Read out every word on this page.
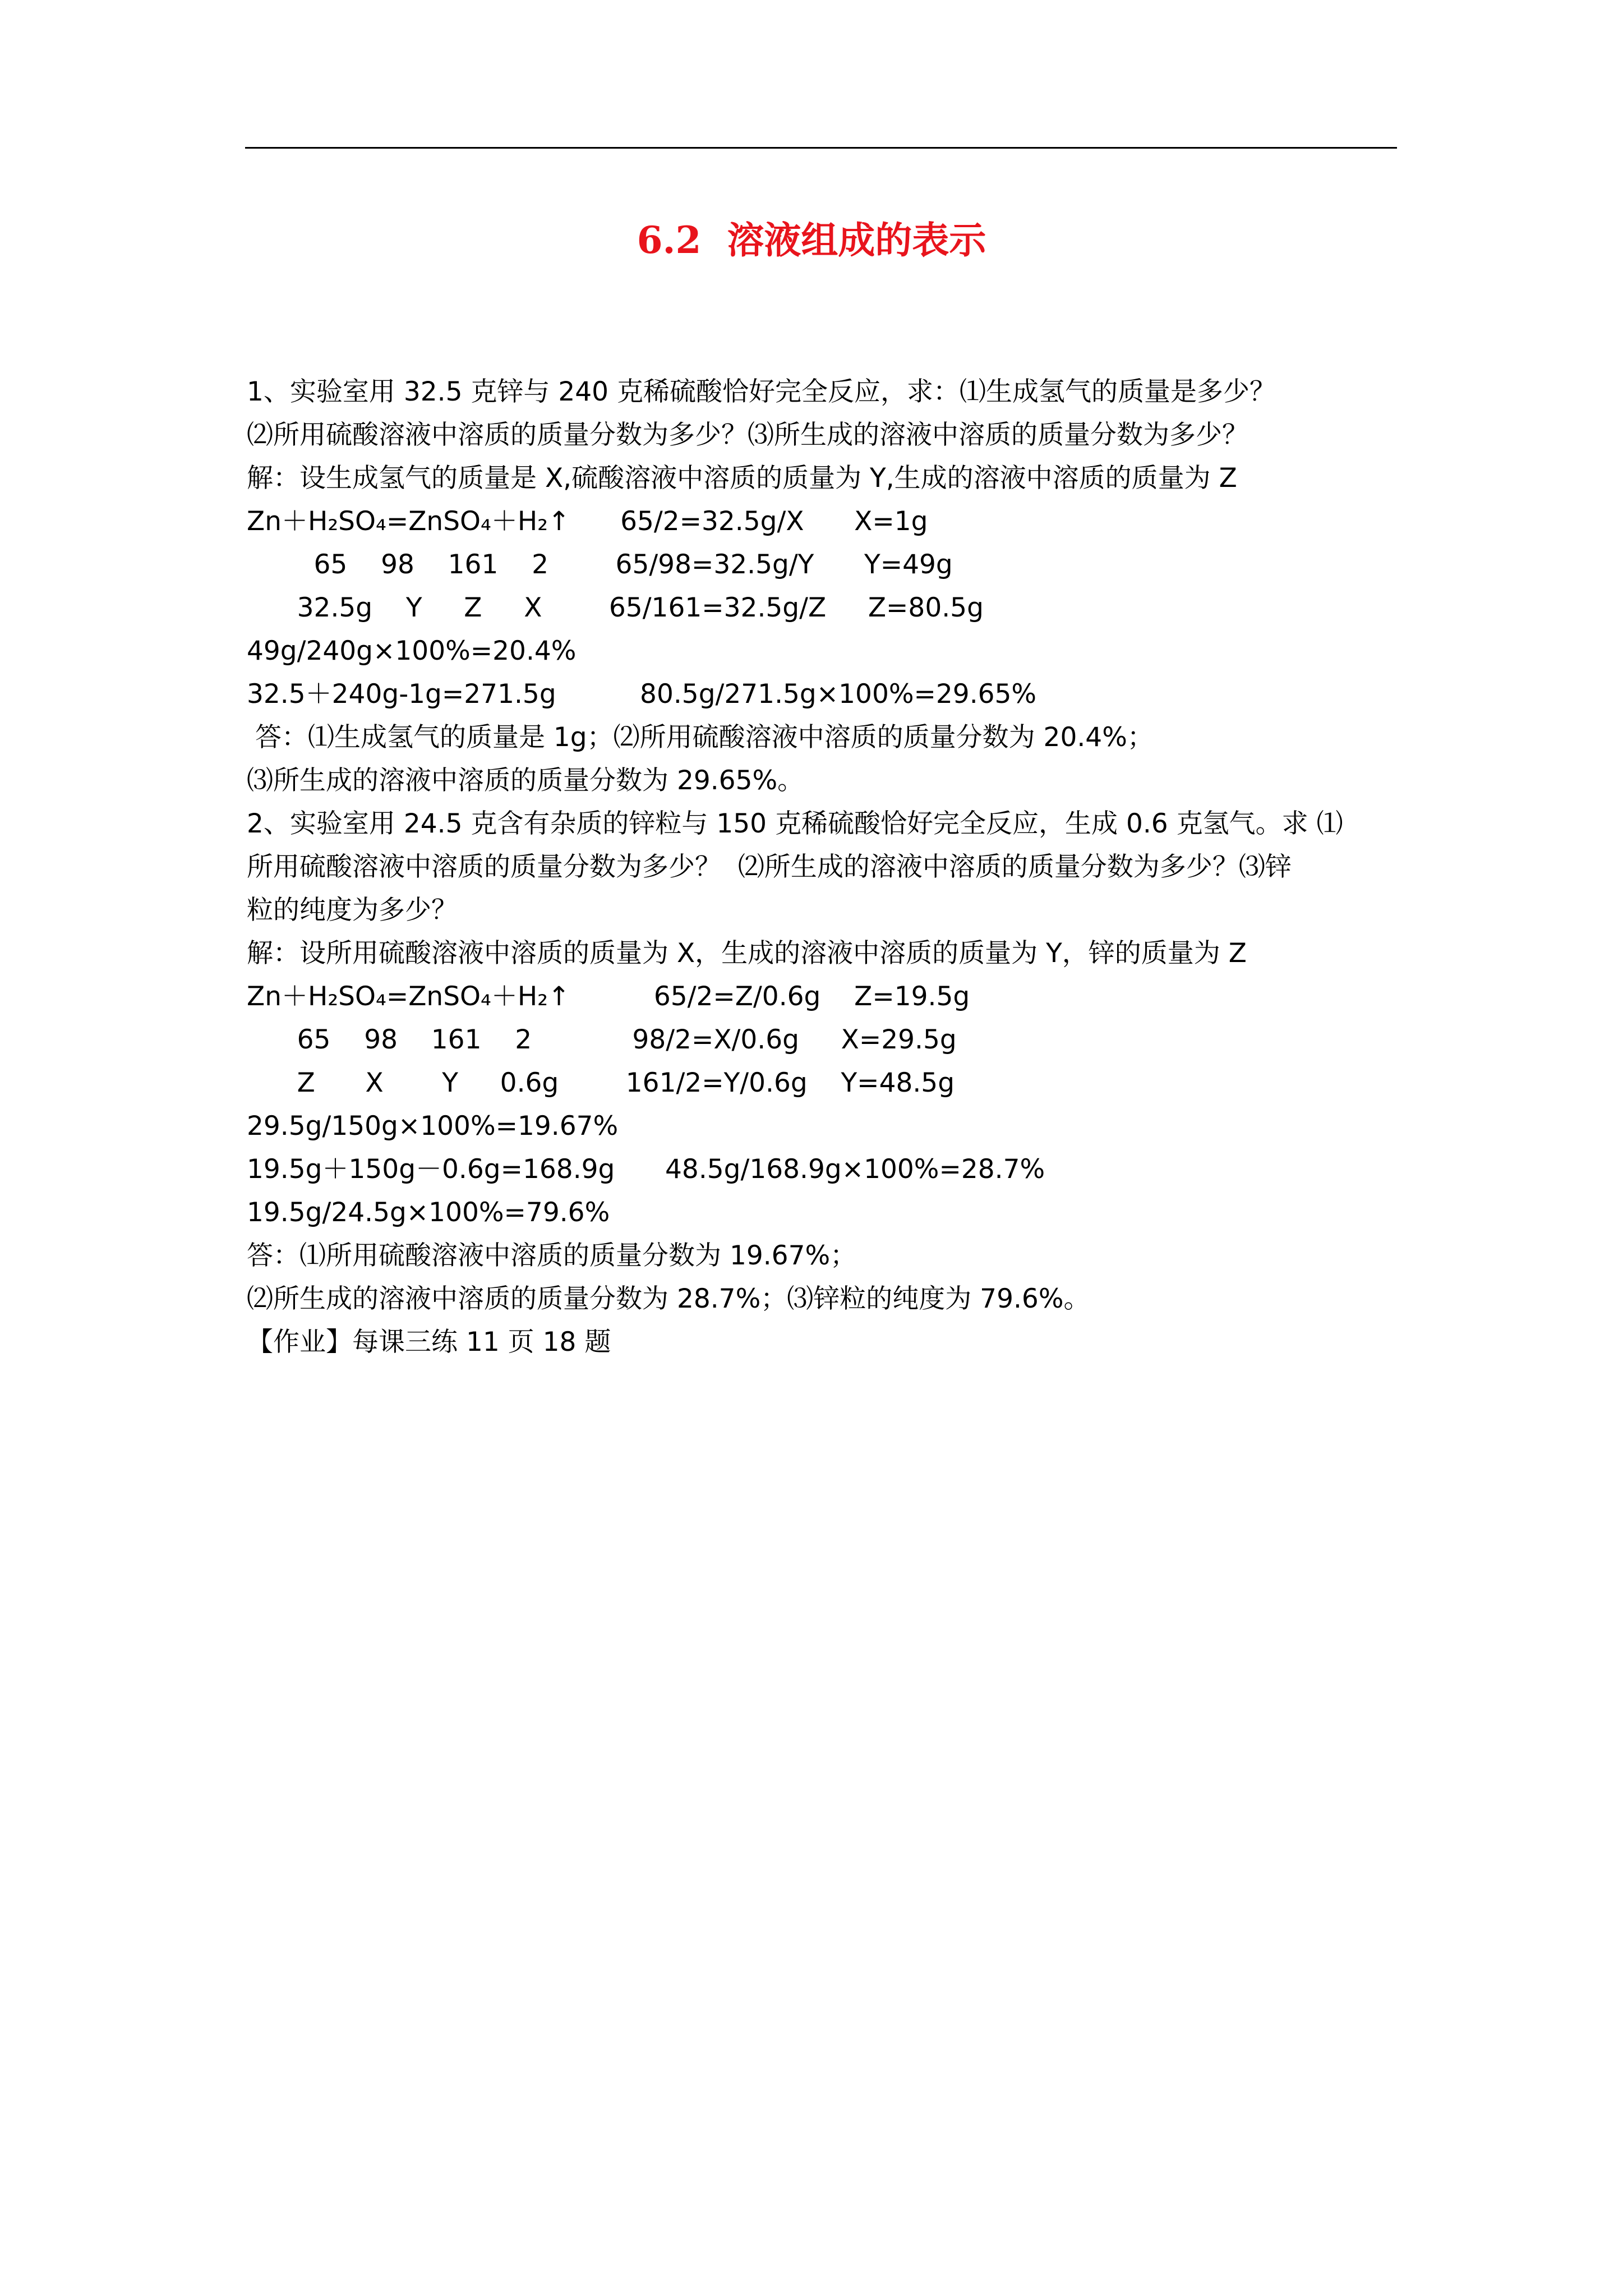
6.2  溶液组成的表示
1、实验室用 32.5 克锌与 240 克稀硫酸恰好完全反应，求：⑴生成氢气的质量是多少？
⑵所用硫酸溶液中溶质的质量分数为多少？⑶所生成的溶液中溶质的质量分数为多少？
解：设生成氢气的质量是 X,硫酸溶液中溶质的质量为 Y,生成的溶液中溶质的质量为 Z
Zn＋H₂SO₄=ZnSO₄＋H₂↑      65/2=32.5g/X      X=1g
65    98    161    2        65/98=32.5g/Y      Y=49g
32.5g    Y     Z     X        65/161=32.5g/Z     Z=80.5g
49g/240g×100%=20.4%
32.5＋240g-1g=271.5g          80.5g/271.5g×100%=29.65%
答：⑴生成氢气的质量是 1g；⑵所用硫酸溶液中溶质的质量分数为 20.4%；
⑶所生成的溶液中溶质的质量分数为 29.65%。
2、实验室用 24.5 克含有杂质的锌粒与 150 克稀硫酸恰好完全反应，生成 0.6 克氢气。求 ⑴
所用硫酸溶液中溶质的质量分数为多少？  ⑵所生成的溶液中溶质的质量分数为多少？⑶锌
粒的纯度为多少？
解：设所用硫酸溶液中溶质的质量为 X，生成的溶液中溶质的质量为 Y，锌的质量为 Z
Zn＋H₂SO₄=ZnSO₄＋H₂↑          65/2=Z/0.6g    Z=19.5g
65    98    161    2            98/2=X/0.6g     X=29.5g
Z      X       Y     0.6g        161/2=Y/0.6g    Y=48.5g
29.5g/150g×100%=19.67%
19.5g＋150g－0.6g=168.9g      48.5g/168.9g×100%=28.7%
19.5g/24.5g×100%=79.6%
答：⑴所用硫酸溶液中溶质的质量分数为 19.67%；
⑵所生成的溶液中溶质的质量分数为 28.7%；⑶锌粒的纯度为 79.6%。
【作业】每课三练 11 页 18 题
